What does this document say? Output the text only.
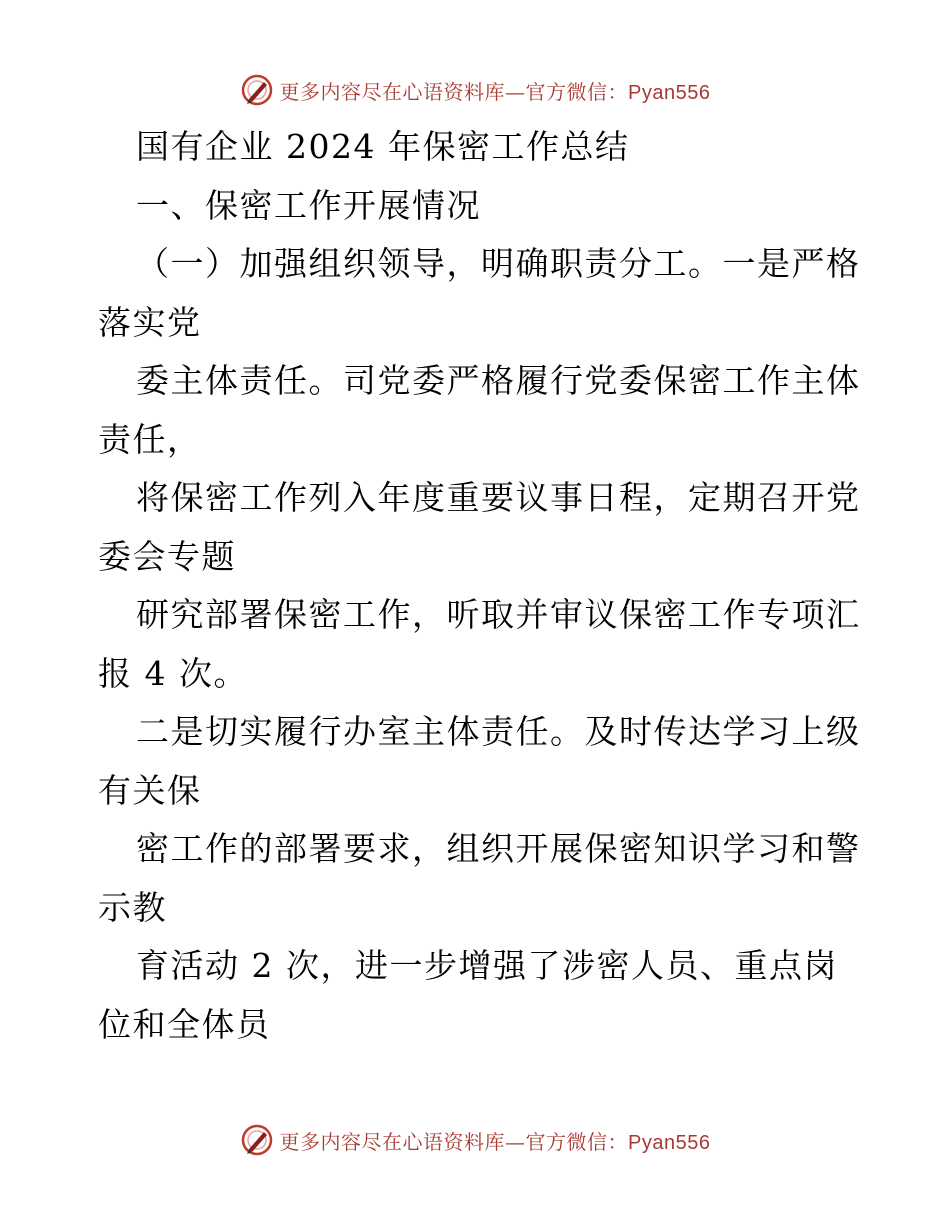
更多内容尽在心语资料库—官方微信：Pyan556
国有企业 2024 年保密工作总结
一、保密工作开展情况
（一）加强组织领导，明确职责分工。一是严格
落实党
委主体责任。司党委严格履行党委保密工作主体
责任，
将保密工作列入年度重要议事日程，定期召开党
委会专题
研究部署保密工作，听取并审议保密工作专项汇
报 4 次。
二是切实履行办室主体责任。及时传达学习上级
有关保
密工作的部署要求，组织开展保密知识学习和警
示教
育活动 2 次，进一步增强了涉密人员、重点岗
位和全体员
更多内容尽在心语资料库—官方微信：Pyan556
